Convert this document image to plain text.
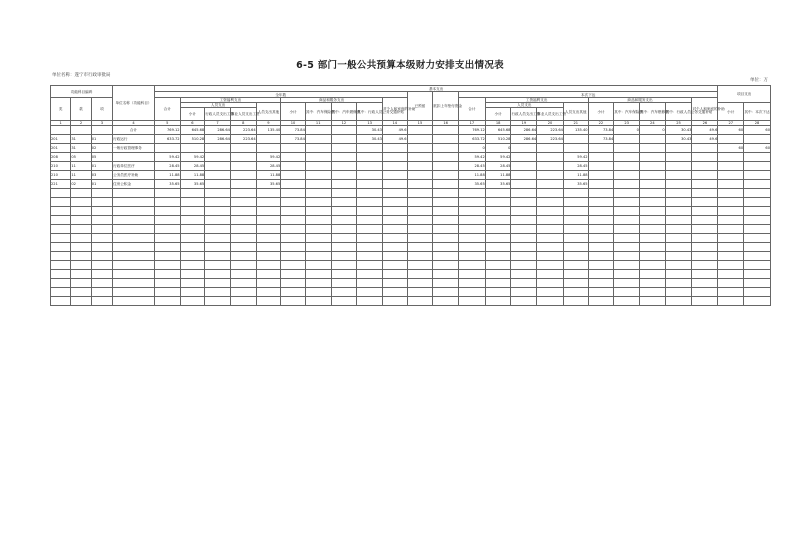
6-5 部门一般公共预算本级财力安排支出情况表
单位名称：遂宁市行政审批局
单位：万
功能科目编码			单位名称（功能科目）	基本支出																						项目支出	
				全年数										已预留	抵扣上年垫付资金	本次下达											
类	款	项		合计	工资福利支出				商品和服务支出				对个人和家庭的补助			合计	工资福利支出				商品和服务支出				对个人和家庭的补助		
					人员支出			人员支出其他	小计	其中：汽车保险费	其中：汽车燃修费	其中：行政人员公务交通补贴					人员支出			人员支出其他	小计	其中：汽车保险费	其中：汽车燃修费	其中：行政人员公务交通补贴		小计	其中：本次下达
					小计	行政人员支出工资	事业人员支出工资										小计	行政人员支出工资	事业人员支出工资								
1	2	3	4	5	6	7	8	9	10	11	12	13	14	15	16	17	18	19	20	21	22	23	24	25	26	27	28
			合计	769.12	645.68	286.64	223.64	135.40	73.84			30.43	49.6			769.12	645.68	286.64	223.64	135.40	73.84	0	0	30.43	49.6	60	60
201	31	01	行政运行	633.72	510.28	286.64	223.64		73.84			30.43	49.6			633.72	510.28	286.64	223.64		73.84			30.43	49.6		
201	31	02	一般行政管理事务													0	0									60	60
208	05	05		59.42	59.42			59.42								59.42	59.42			59.42							
210	11	01	行政单位医疗	28.45	28.45			28.45								28.45	28.45			28.45							
210	11	03	公务员医疗补助	11.88	11.88			11.88								11.88	11.88			11.88							
221	02	01	住房公积金	35.65	35.65			35.65								35.65	35.65			35.65							
